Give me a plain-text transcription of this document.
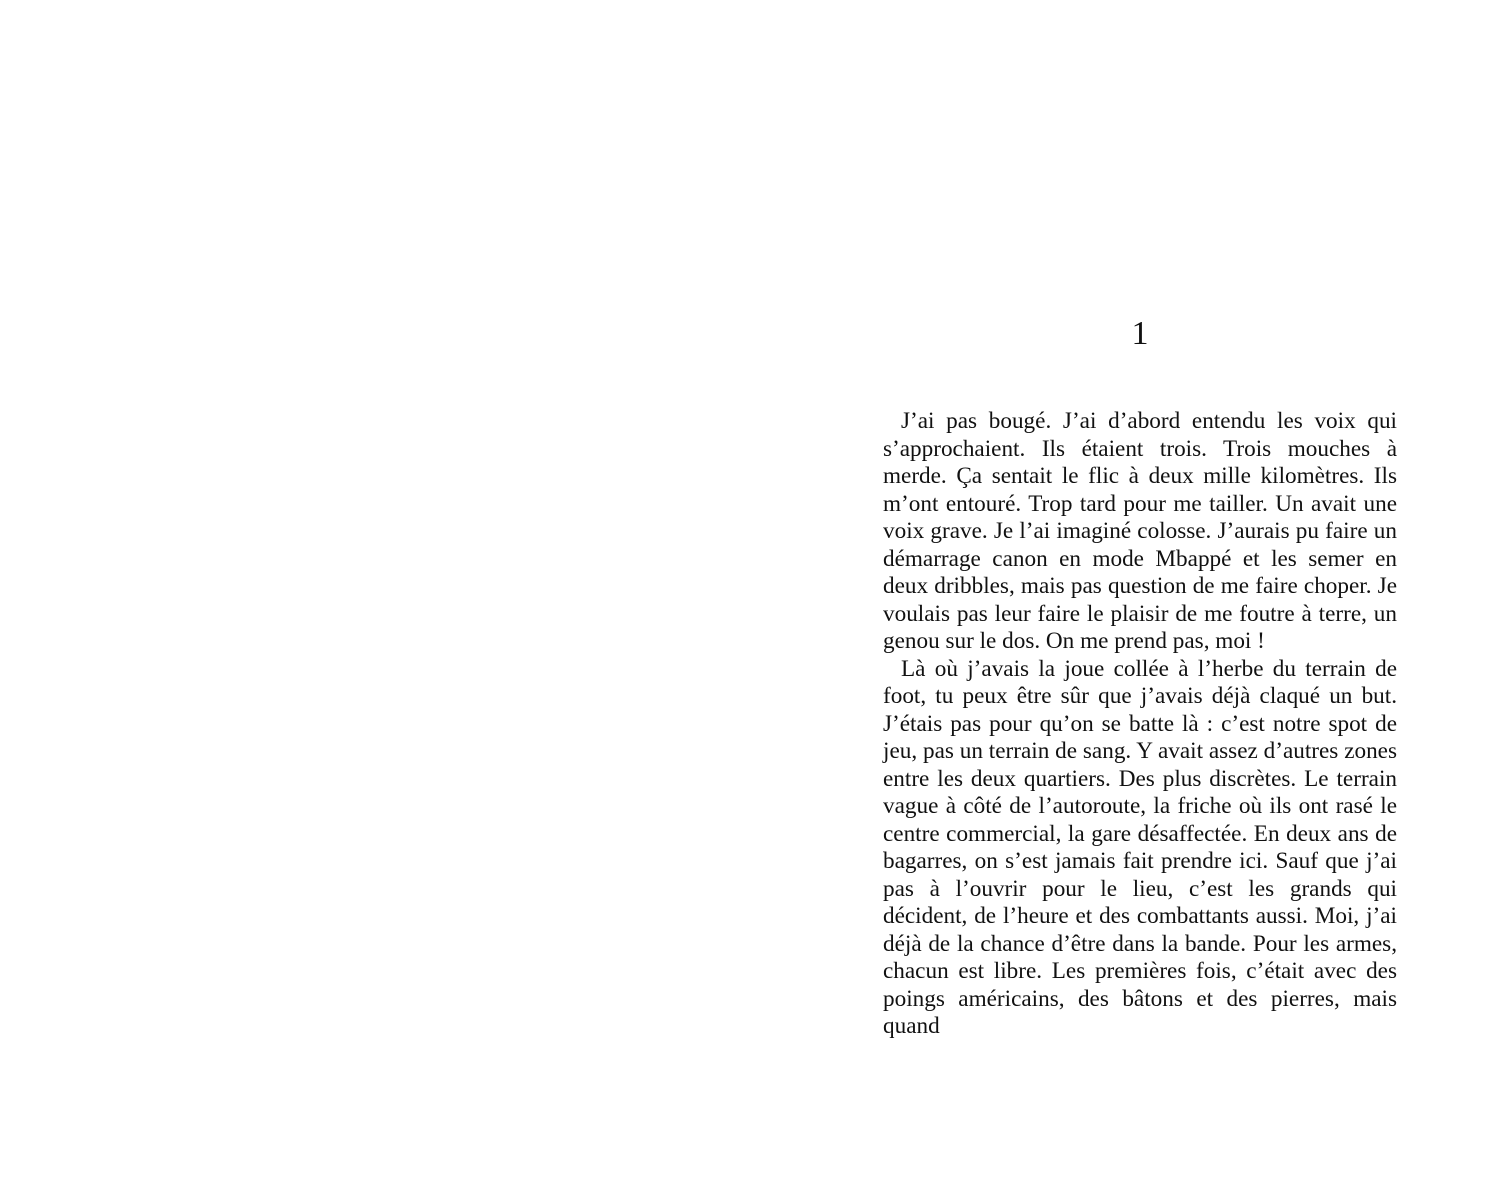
1

J’ai pas bougé. J’ai d’abord entendu les voix qui s’approchaient. Ils étaient trois. Trois mouches à merde. Ça sentait le flic à deux mille kilomètres. Ils m’ont entouré. Trop tard pour me tailler. Un avait une voix grave. Je l’ai imaginé colosse. J’aurais pu faire un démarrage canon en mode Mbappé et les semer en deux dribbles, mais pas question de me faire choper. Je voulais pas leur faire le plaisir de me foutre à terre, un genou sur le dos. On me prend pas, moi !

Là où j’avais la joue collée à l’herbe du terrain de foot, tu peux être sûr que j’avais déjà claqué un but. J’étais pas pour qu’on se batte là : c’est notre spot de jeu, pas un terrain de sang. Y avait assez d’autres zones entre les deux quartiers. Des plus discrètes. Le terrain vague à côté de l’autoroute, la friche où ils ont rasé le centre commercial, la gare désaffectée. En deux ans de bagarres, on s’est jamais fait prendre ici. Sauf que j’ai pas à l’ouvrir pour le lieu, c’est les grands qui décident, de l’heure et des combattants aussi. Moi, j’ai déjà de la chance d’être dans la bande. Pour les armes, chacun est libre. Les premières fois, c’était avec des poings américains, des bâtons et des pierres, mais quand
